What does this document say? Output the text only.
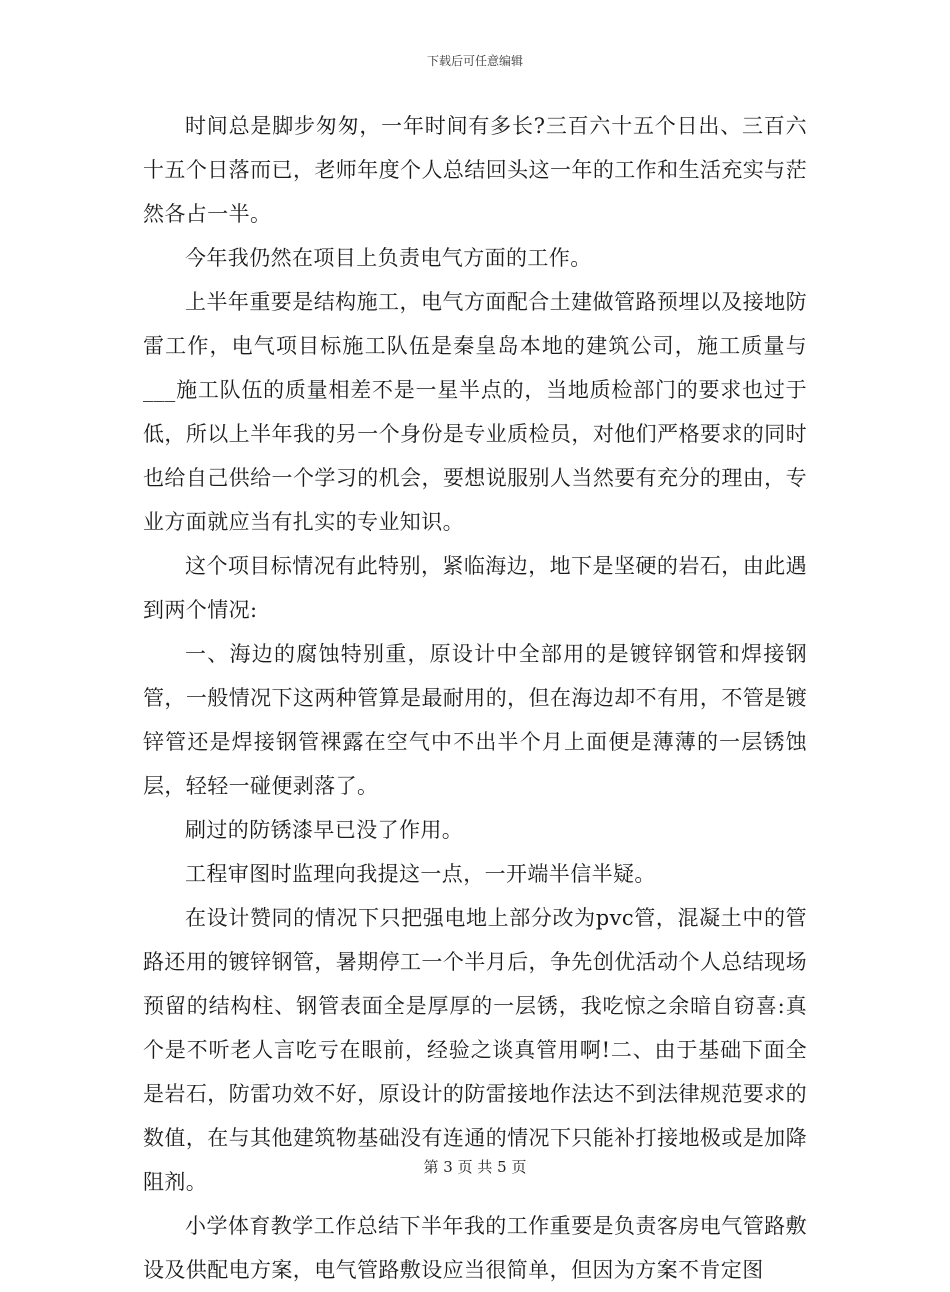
下载后可任意编辑

时间总是脚步匆匆，一年时间有多长?三百六十五个日出、三百六十五个日落而已，老师年度个人总结回头这一年的工作和生活充实与茫然各占一半。

今年我仍然在项目上负责电气方面的工作。

上半年重要是结构施工，电气方面配合土建做管路预埋以及接地防雷工作，电气项目标施工队伍是秦皇岛本地的建筑公司，施工质量与___施工队伍的质量相差不是一星半点的，当地质检部门的要求也过于低，所以上半年我的另一个身份是专业质检员，对他们严格要求的同时也给自己供给一个学习的机会，要想说服别人当然要有充分的理由，专业方面就应当有扎实的专业知识。

这个项目标情况有此特别，紧临海边，地下是坚硬的岩石，由此遇到两个情况:

一、海边的腐蚀特别重，原设计中全部用的是镀锌钢管和焊接钢管，一般情况下这两种管算是最耐用的，但在海边却不有用，不管是镀锌管还是焊接钢管裸露在空气中不出半个月上面便是薄薄的一层锈蚀层，轻轻一碰便剥落了。

刷过的防锈漆早已没了作用。

工程审图时监理向我提这一点，一开端半信半疑。

在设计赞同的情况下只把强电地上部分改为pvc管，混凝土中的管路还用的镀锌钢管，暑期停工一个半月后，争先创优活动个人总结现场预留的结构柱、钢管表面全是厚厚的一层锈，我吃惊之余暗自窃喜:真个是不听老人言吃亏在眼前，经验之谈真管用啊!二、由于基础下面全是岩石，防雷功效不好，原设计的防雷接地作法达不到法律规范要求的数值，在与其他建筑物基础没有连通的情况下只能补打接地极或是加降阻剂。

小学体育教学工作总结下半年我的工作重要是负责客房电气管路敷设及供配电方案，电气管路敷设应当很简单，但因为方案不肯定图

第 3 页 共 5 页
